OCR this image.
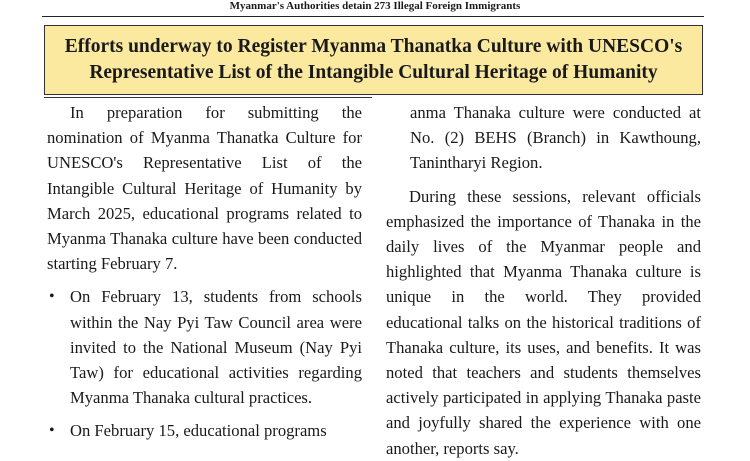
Myanmar's Authorities detain 273 Illegal Foreign Immigrants
Efforts underway to Register Myanma Thanatka Culture with UNESCO's
Representative List of the Intangible Cultural Heritage of Humanity

In preparation for submitting the nomination of Myanma Thanatka Culture for UNESCO's Representative List of the Intangible Cultural Heritage of Humanity by March 2025, educational programs related to Myanma Thanaka culture have been conducted starting February 7.

• On February 13, students from schools within the Nay Pyi Taw Council area were invited to the National Museum (Nay Pyi Taw) for educational activities regarding Myanma Thanaka cultural practices.
• On February 15, educational programs

anma Thanaka culture were conducted at No. (2) BEHS (Branch) in Kawthoung, Tanintharyi Region.

During these sessions, relevant officials emphasized the importance of Thanaka in the daily lives of the Myanmar people and highlighted that Myanma Thanaka culture is unique in the world. They provided educational talks on the historical traditions of Thanaka culture, its uses, and benefits. It was noted that teachers and students themselves actively participated in applying Thanaka paste and joyfully shared the experience with one another, reports say.
